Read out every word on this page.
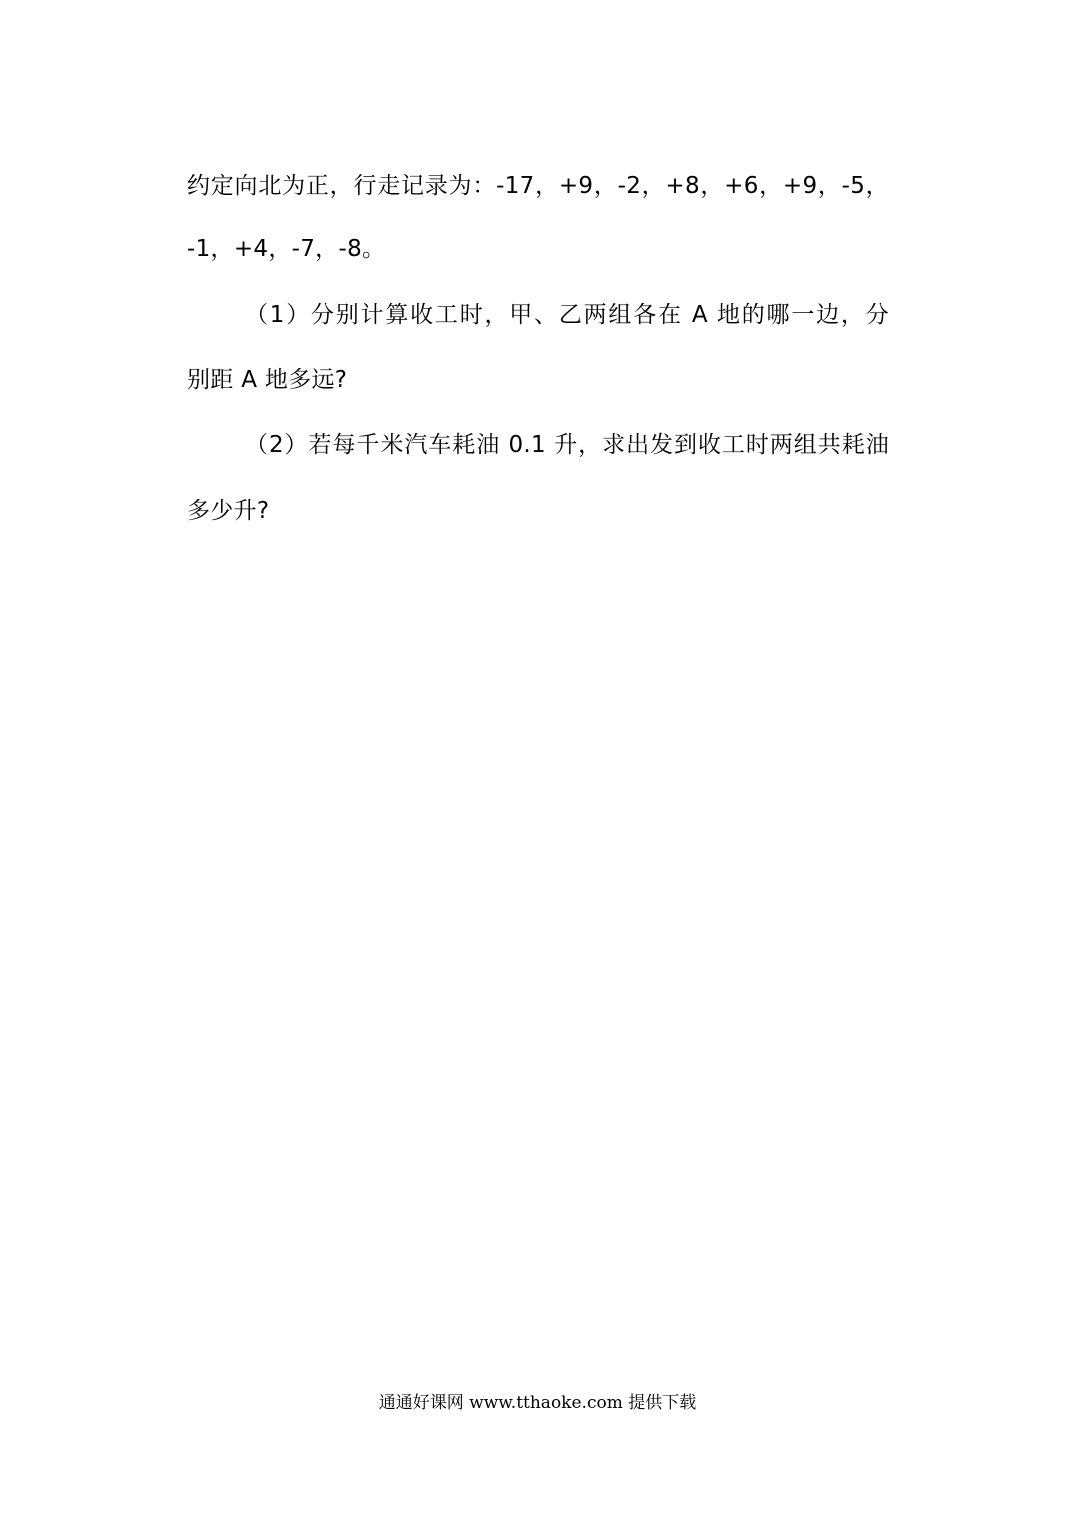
约定向北为正，行走记录为：-17，+9，-2，+8，+6，+9，-5，
-1，+4，-7，-8。
（1）分别计算收工时，甲、乙两组各在 A 地的哪一边，分
别距 A 地多远?
（2）若每千米汽车耗油 0.1 升，求出发到收工时两组共耗油
多少升?
通通好课网 www.tthaoke.com 提供下载
